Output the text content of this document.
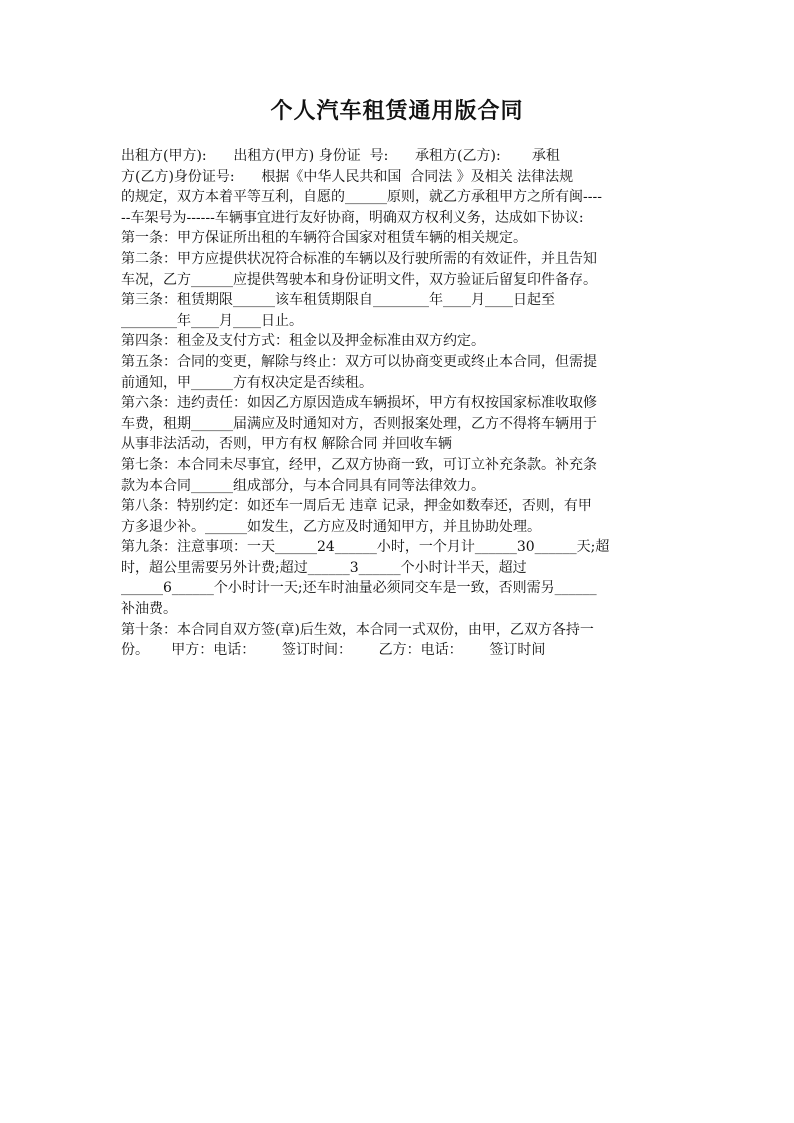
个人汽车租赁通用版合同
出租方(甲方):      出租方(甲方) 身份证  号:      承租方(乙方):       承租
方(乙方)身份证号:      根据《中华人民共和国  合同法 》及相关 法律法规
的规定，双方本着平等互利，自愿的______原则，就乙方承租甲方之所有闽----
--车架号为------车辆事宜进行友好协商，明确双方权利义务，达成如下协议:
第一条：甲方保证所出租的车辆符合国家对租赁车辆的相关规定。
第二条：甲方应提供状况符合标准的车辆以及行驶所需的有效证件，并且告知
车况，乙方______应提供驾驶本和身份证明文件，双方验证后留复印件备存。
第三条：租赁期限______该车租赁期限自________年____月____日起至
________年____月____日止。
第四条：租金及支付方式：租金以及押金标准由双方约定。
第五条：合同的变更，解除与终止：双方可以协商变更或终止本合同，但需提
前通知，甲______方有权决定是否续租。
第六条：违约责任：如因乙方原因造成车辆损坏，甲方有权按国家标准收取修
车费，租期______届满应及时通知对方，否则报案处理，乙方不得将车辆用于
从事非法活动，否则，甲方有权 解除合同 并回收车辆
第七条：本合同未尽事宜，经甲，乙双方协商一致，可订立补充条款。补充条
款为本合同______组成部分，与本合同具有同等法律效力。
第八条：特别约定：如还车一周后无 违章 记录，押金如数奉还，否则，有甲
方多退少补。______如发生，乙方应及时通知甲方，并且协助处理。
第九条：注意事项：一天______24______小时，一个月计______30______天;超
时，超公里需要另外计费;超过______3______个小时计半天，超过
______6______个小时计一天;还车时油量必须同交车是一致，否则需另______
补油费。
第十条：本合同自双方签(章)后生效，本合同一式双份，由甲，乙双方各持一
份。     甲方：电话：      签订时间：      乙方：电话：      签订时间
